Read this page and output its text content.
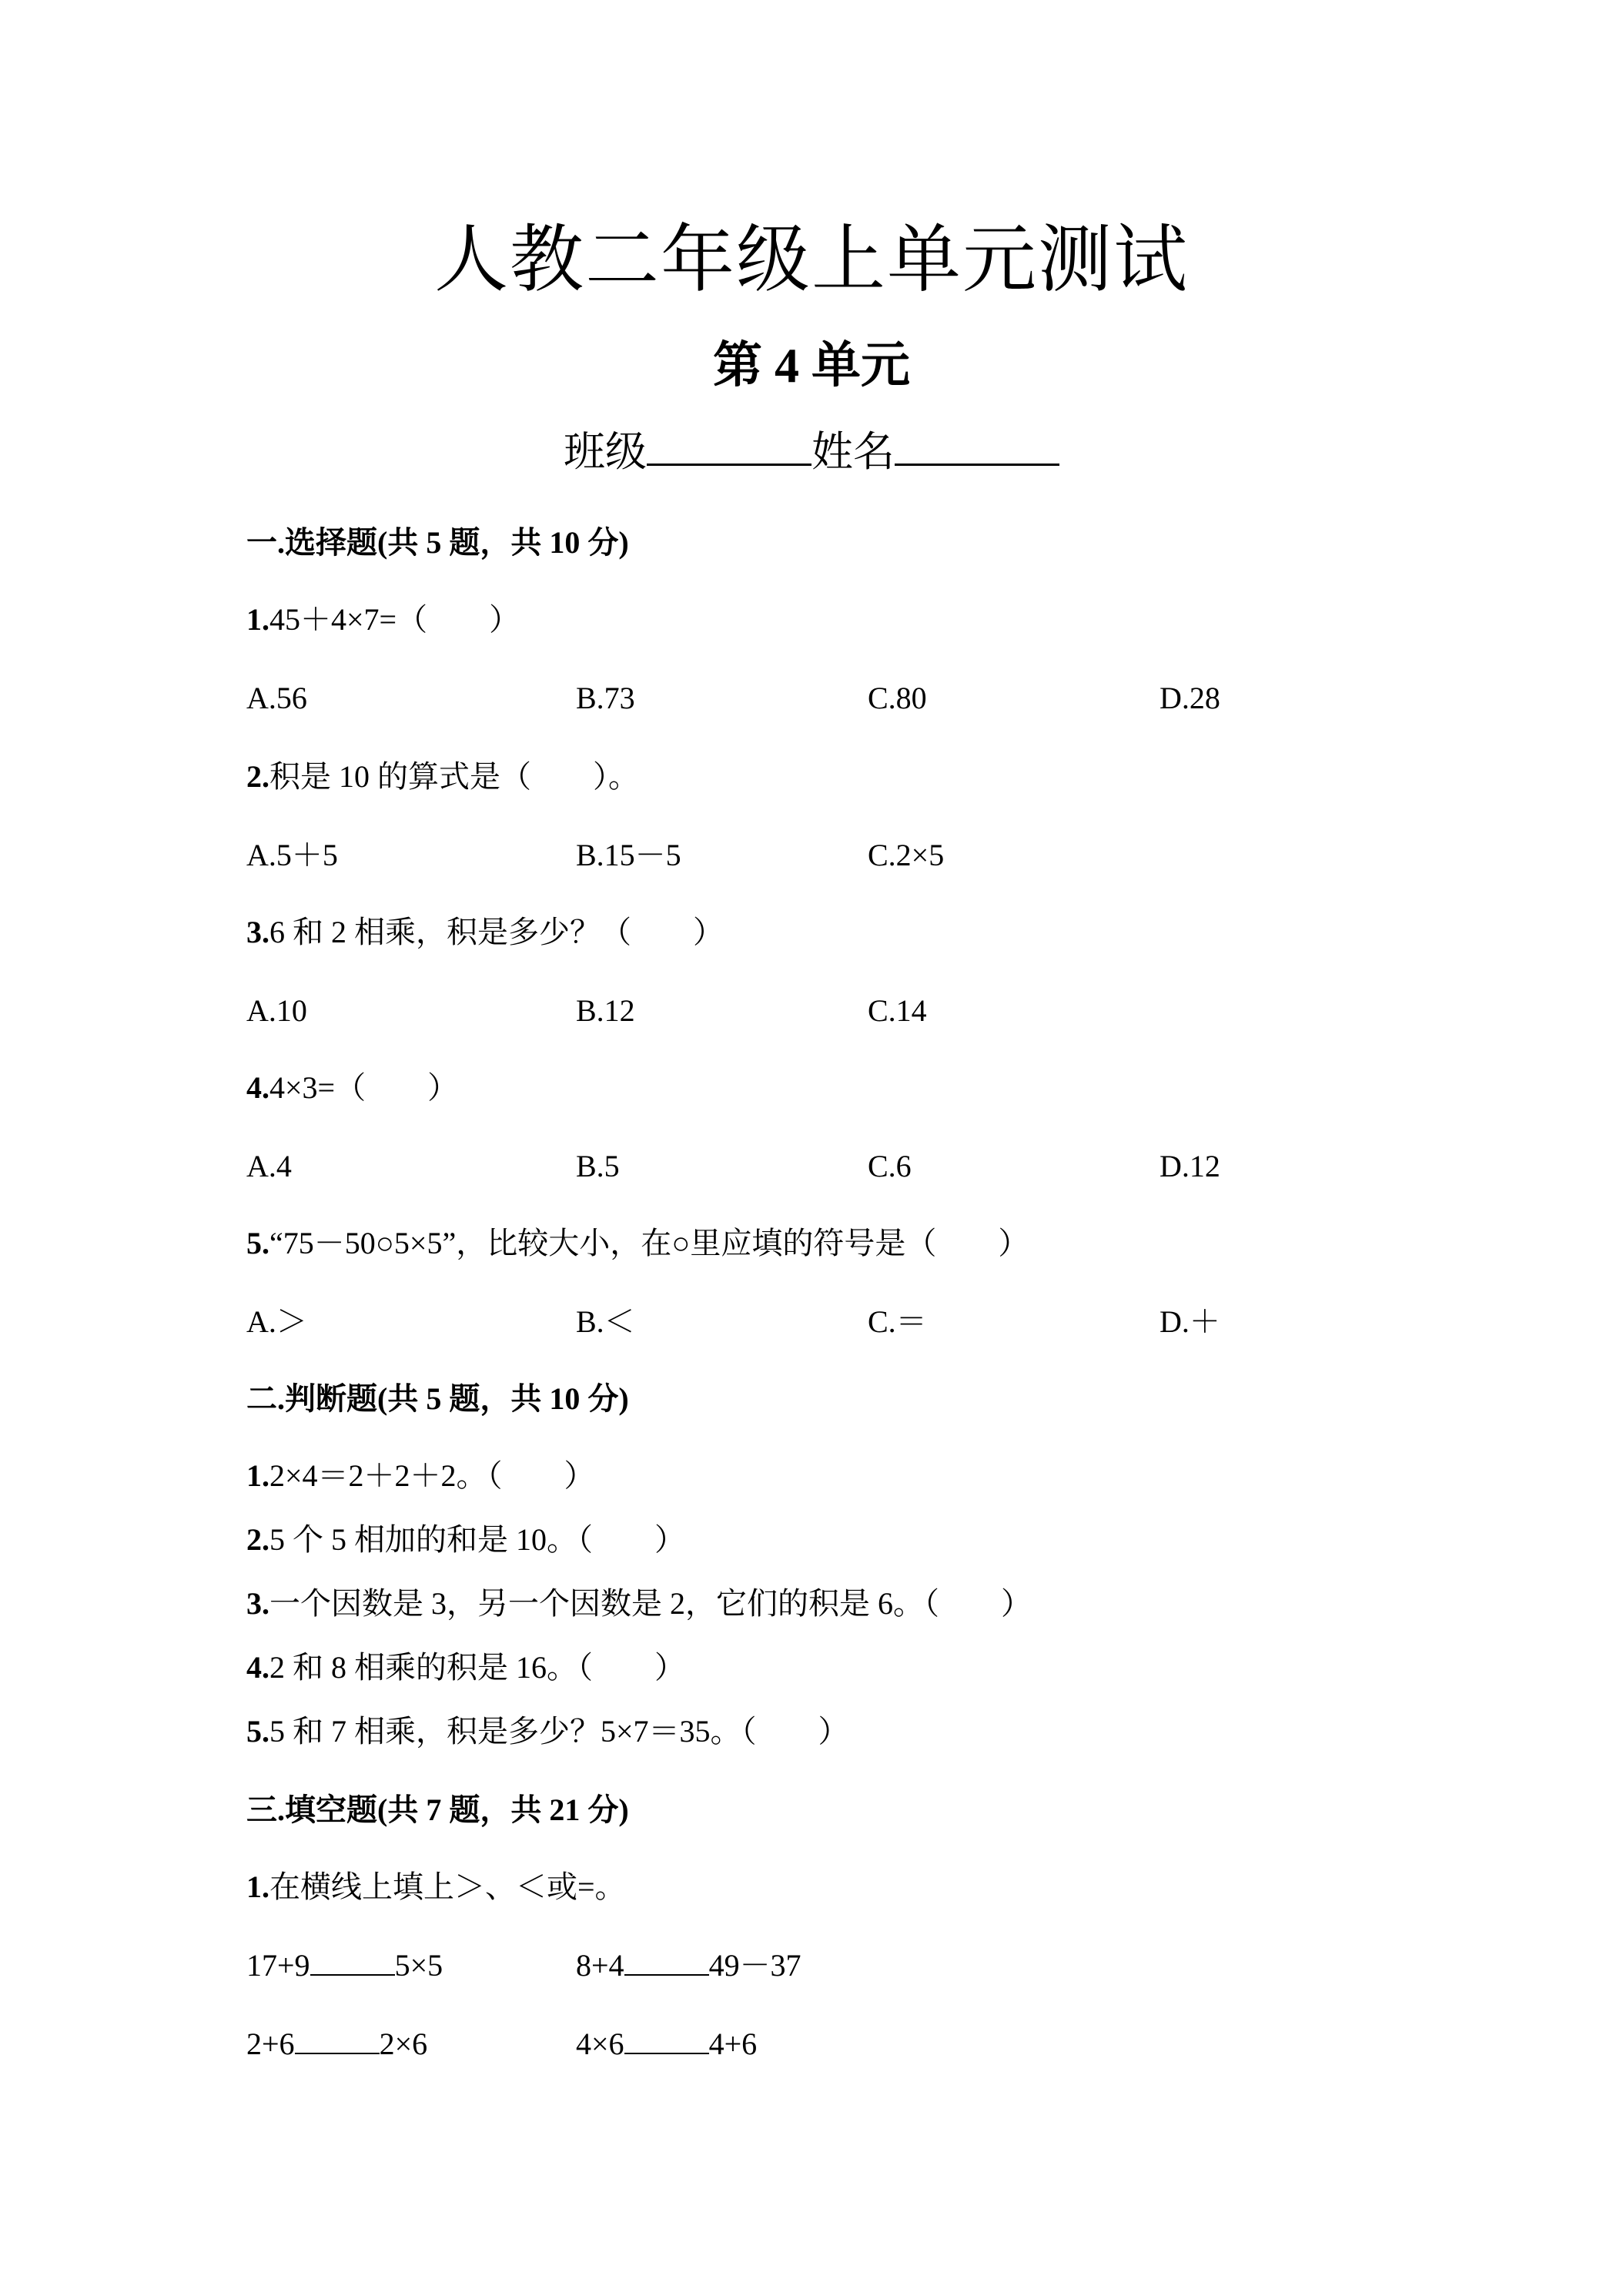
人教二年级上单元测试
第 4 单元
班级	姓名
一.选择题(共 5 题，共 10 分)
1.45＋4×7=（　　）
A.56	B.73	C.80	D.28
2.积是 10 的算式是（　　）。
A.5＋5	B.15－5	C.2×5
3.6 和 2 相乘，积是多少？（　　）
A.10	B.12	C.14
4.4×3=（　　）
A.4	B.5	C.6	D.12
5.“75－50○5×5”，比较大小，在○里应填的符号是（　　）
A.＞	B.＜	C.＝	D.＋
二.判断题(共 5 题，共 10 分)
1.2×4＝2＋2＋2。（　　）
2.5 个 5 相加的和是 10。（　　）
3.一个因数是 3，另一个因数是 2，它们的积是 6。（　　）
4.2 和 8 相乘的积是 16。（　　）
5.5 和 7 相乘，积是多少？5×7＝35。（　　）
三.填空题(共 7 题，共 21 分)
1.在横线上填上＞、＜或=。
17+9	5×5	8+4	49－37
2+6	2×6	4×6	4+6
